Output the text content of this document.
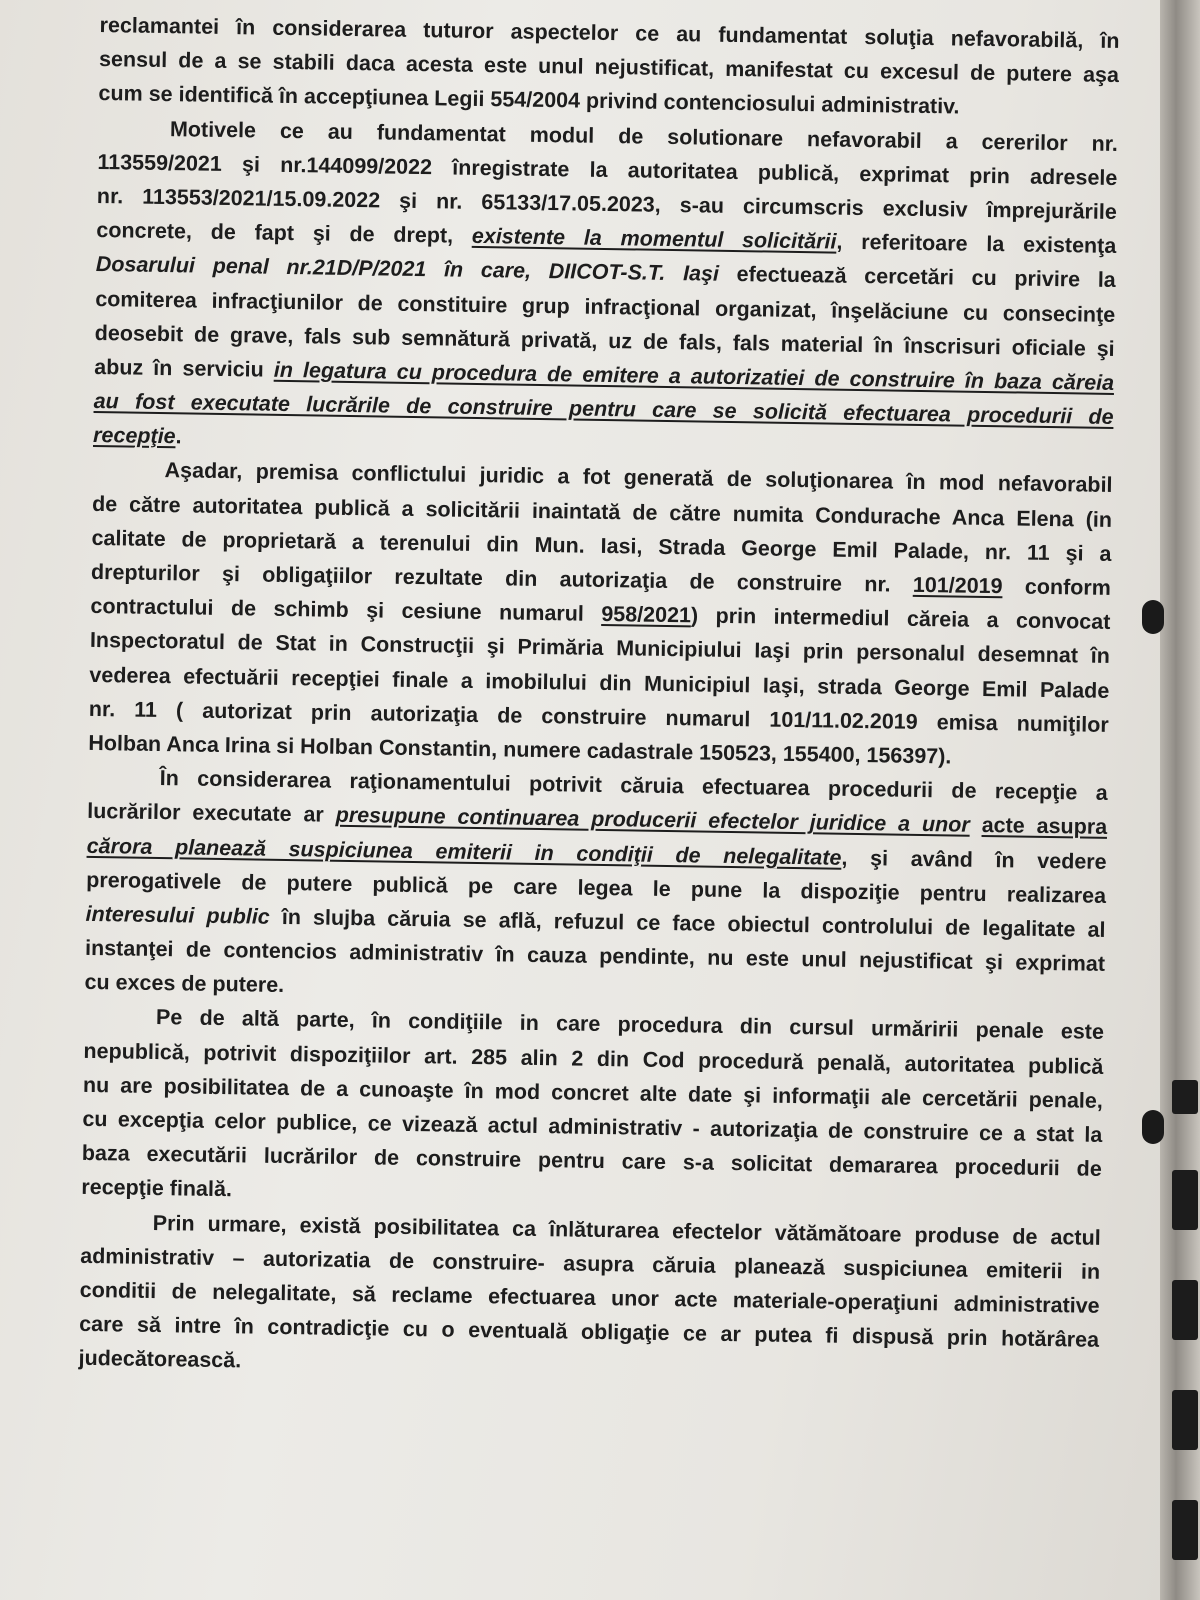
reclamantei în considerarea tuturor aspectelor ce au fundamentat soluţia nefavorabilă, în
sensul de a se stabili daca acesta este unul nejustificat, manifestat cu excesul de putere aşa
cum se identifică în accepţiunea Legii 554/2004 privind contenciosului administrativ.
Motivele ce au fundamentat modul de solutionare nefavorabil a cererilor nr.
113559/2021 şi nr.144099/2022 înregistrate la autoritatea publică, exprimat prin adresele
nr. 113553/2021/15.09.2022 şi nr. 65133/17.05.2023, s-au circumscris exclusiv împrejurările
concrete, de fapt şi de drept, existente la momentul solicitării, referitoare la existenţa
Dosarului penal nr.21D/P/2021 în care, DIICOT-S.T. Iaşi efectuează cercetări cu privire la
comiterea infracţiunilor de constituire grup infracţional organizat, înşelăciune cu consecinţe
deosebit de grave, fals sub semnătură privată, uz de fals, fals material în înscrisuri oficiale şi
abuz în serviciu in legatura cu procedura de emitere a autorizatiei de construire în baza căreia
au fost executate lucrările de construire pentru care se solicită efectuarea procedurii de
recepţie.
Aşadar, premisa conflictului juridic a fot generată de soluţionarea în mod nefavorabil
de către autoritatea publică a solicitării inaintată de către numita Condurache Anca Elena (in
calitate de proprietară a terenului din Mun. Iasi, Strada George Emil Palade, nr. 11 şi a
drepturilor şi obligaţiilor rezultate din autorizaţia de construire nr. 101/2019 conform
contractului de schimb şi cesiune numarul 958/2021) prin intermediul căreia a convocat
Inspectoratul de Stat in Construcţii şi Primăria Municipiului Iaşi prin personalul desemnat în
vederea efectuării recepţiei finale a imobilului din Municipiul Iaşi, strada George Emil Palade
nr. 11 ( autorizat prin autorizaţia de construire numarul 101/11.02.2019 emisa numiţilor
Holban Anca Irina si Holban Constantin, numere cadastrale 150523, 155400, 156397).
În considerarea raţionamentului potrivit căruia efectuarea procedurii de recepţie a
lucrărilor executate ar presupune continuarea producerii efectelor juridice a unor acte asupra
cărora planează suspiciunea emiterii in condiţii de nelegalitate, şi având în vedere
prerogativele de putere publică pe care legea le pune la dispoziţie pentru realizarea
interesului public în slujba căruia se află, refuzul ce face obiectul controlului de legalitate al
instanţei de contencios administrativ în cauza pendinte, nu este unul nejustificat şi exprimat
cu exces de putere.
Pe de altă parte, în condiţiile in care procedura din cursul urmăririi penale este
nepublică, potrivit dispoziţiilor art. 285 alin 2 din Cod procedură penală, autoritatea publică
nu are posibilitatea de a cunoaşte în mod concret alte date şi informaţii ale cercetării penale,
cu excepţia celor publice, ce vizează actul administrativ - autorizaţia de construire ce a stat la
baza executării lucrărilor de construire pentru care s-a solicitat demararea procedurii de
recepţie finală.
Prin urmare, există posibilitatea ca înlăturarea efectelor vătămătoare produse de actul
administrativ – autorizatia de construire- asupra căruia planează suspiciunea emiterii in
conditii de nelegalitate, să reclame efectuarea unor acte materiale-operaţiuni administrative
care să intre în contradicţie cu o eventuală obligaţie ce ar putea fi dispusă prin hotărârea
judecătorească.
